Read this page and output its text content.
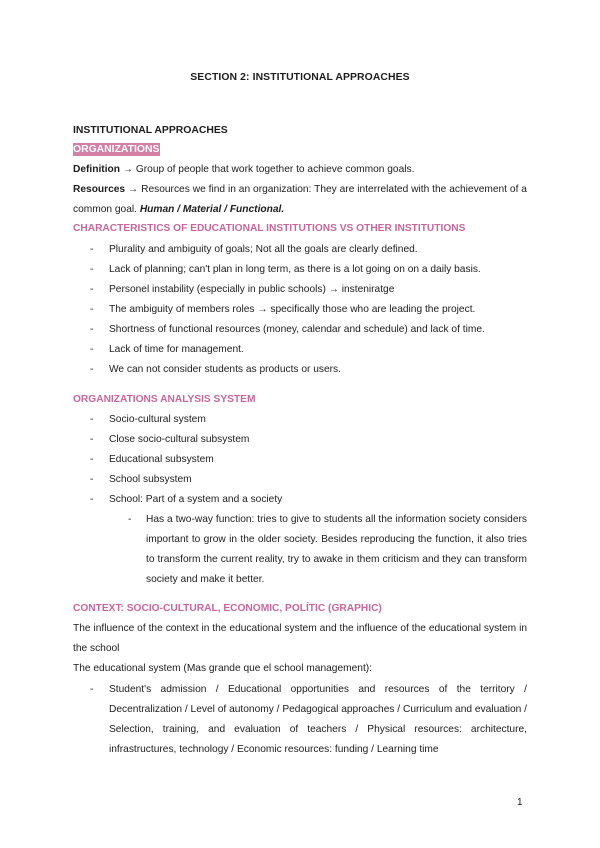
SECTION 2: INSTITUTIONAL APPROACHES
INSTITUTIONAL APPROACHES
ORGANIZATIONS
Definition → Group of people that work together to achieve common goals.
Resources → Resources we find in an organization: They are interrelated with the achievement of a common goal. Human / Material / Functional.
CHARACTERISTICS OF EDUCATIONAL INSTITUTIONS VS OTHER INSTITUTIONS
- Plurality and ambiguity of goals; Not all the goals are clearly defined.
- Lack of planning; can't plan in long term, as there is a lot going on on a daily basis.
- Personel instability (especially in public schools) → insteniratge
- The ambiguity of members roles → specifically those who are leading the project.
- Shortness of functional resources (money, calendar and schedule) and lack of time.
- Lack of time for management.
- We can not consider students as products or users.
ORGANIZATIONS ANALYSIS SYSTEM
- Socio-cultural system
- Close socio-cultural subsystem
- Educational subsystem
- School subsystem
- School: Part of a system and a society
- Has a two-way function: tries to give to students all the information society considers important to grow in the older society. Besides reproducing the function, it also tries to transform the current reality, try to awake in them criticism and they can transform society and make it better.
CONTEXT: SOCIO-CULTURAL, ECONOMIC, POLÍTIC (GRAPHIC)
The influence of the context in the educational system and the influence of the educational system in the school
The educational system (Mas grande que el school management):
- Student's admission / Educational opportunities and resources of the territory / Decentralization / Level of autonomy / Pedagogical approaches / Curriculum and evaluation / Selection, training, and evaluation of teachers / Physical resources: architecture, infrastructures, technology / Economic resources: funding / Learning time
1
